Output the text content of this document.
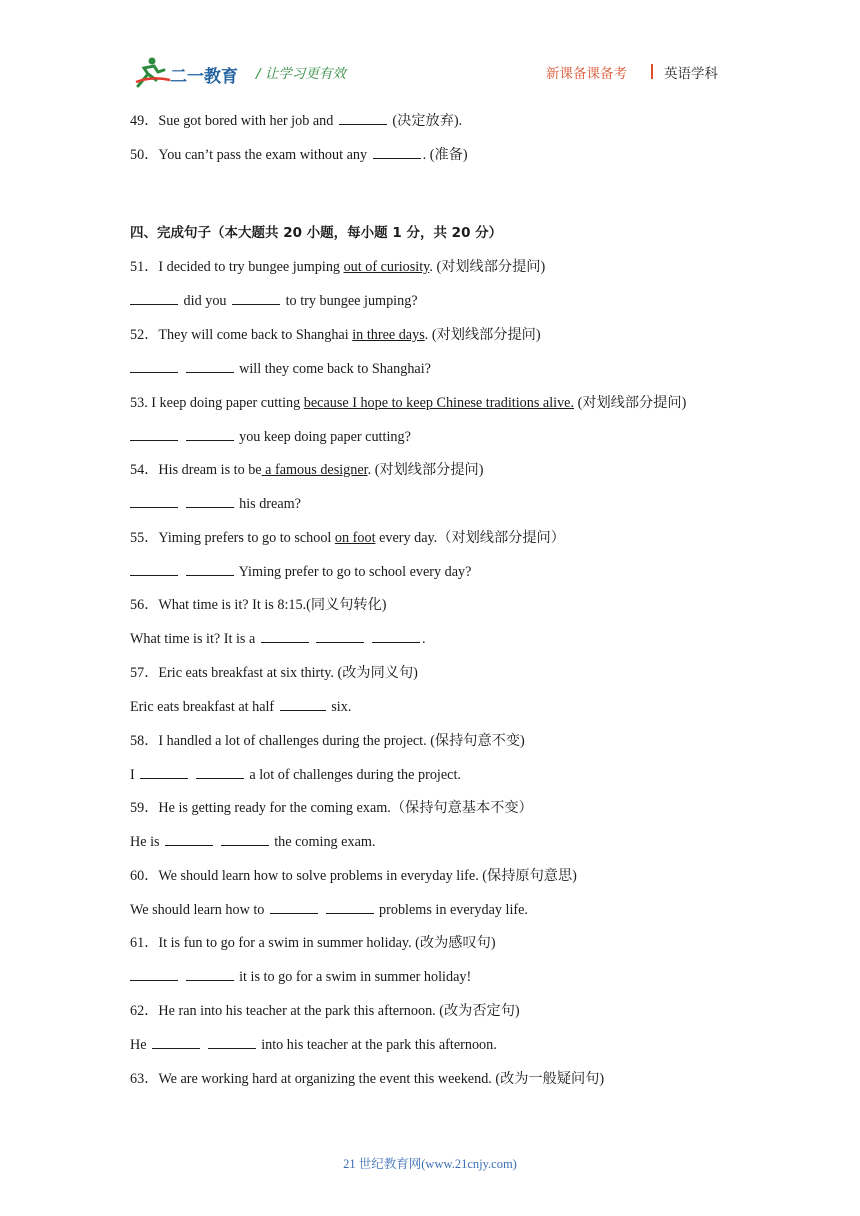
二一教育 / 让学习更有效	新课备课备考	英语学科
49．Sue got bored with her job and	(决定放弃).
50．You can’t pass the exam without any	. (准备)
四、完成句子（本大题共 20 小题，每小题 1 分，共 20 分）
51．I decided to try bungee jumping out of curiosity. (对划线部分提问)
did you	to try bungee jumping?
52．They will come back to Shanghai in three days. (对划线部分提问)
will they come back to Shanghai?
53. I keep doing paper cutting because I hope to keep Chinese traditions alive. (对划线部分提问)
you keep doing paper cutting?
54．His dream is to be a famous designer. (对划线部分提问)
his dream?
55．Yiming prefers to go to school on foot every day.（对划线部分提问）
Yiming prefer to go to school every day?
56．What time is it? It is 8:15.(同义句转化)
What time is it? It is a	.
57．Eric eats breakfast at six thirty. (改为同义句)
Eric eats breakfast at half	six.
58．I handled a lot of challenges during the project. (保持句意不变)
I	a lot of challenges during the project.
59．He is getting ready for the coming exam.（保持句意基本不变）
He is	the coming exam.
60．We should learn how to solve problems in everyday life. (保持原句意思)
We should learn how to	problems in everyday life.
61．It is fun to go for a swim in summer holiday. (改为感叹句)
it is to go for a swim in summer holiday!
62．He ran into his teacher at the park this afternoon. (改为否定句)
He	into his teacher at the park this afternoon.
63．We are working hard at organizing the event this weekend. (改为一般疑问句)
21 世纪教育网(www.21cnjy.com)
